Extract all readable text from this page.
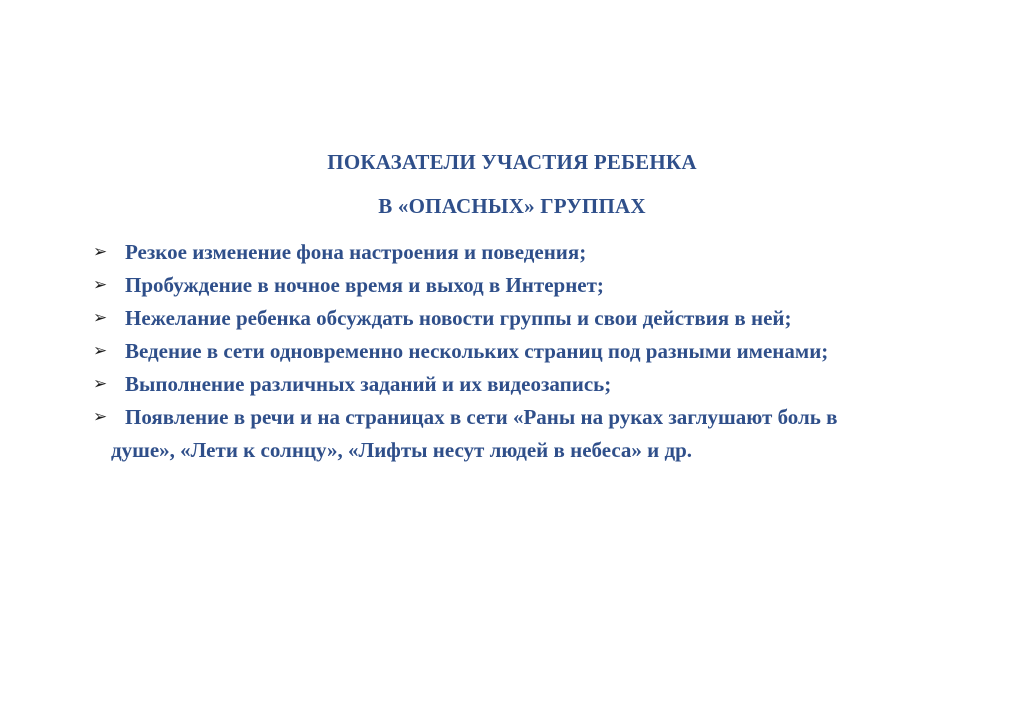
ПОКАЗАТЕЛИ УЧАСТИЯ РЕБЕНКА
В «ОПАСНЫХ» ГРУППАХ
➢ Резкое изменение фона настроения и поведения;
➢ Пробуждение в ночное время и выход в Интернет;
➢ Нежелание ребенка обсуждать новости группы и свои действия в ней;
➢ Ведение в сети одновременно нескольких страниц под разными именами;
➢ Выполнение различных заданий и их видеозапись;
➢ Появление в речи и на страницах в сети «Раны на руках заглушают боль в
душе», «Лети к солнцу», «Лифты несут людей в небеса» и др.
